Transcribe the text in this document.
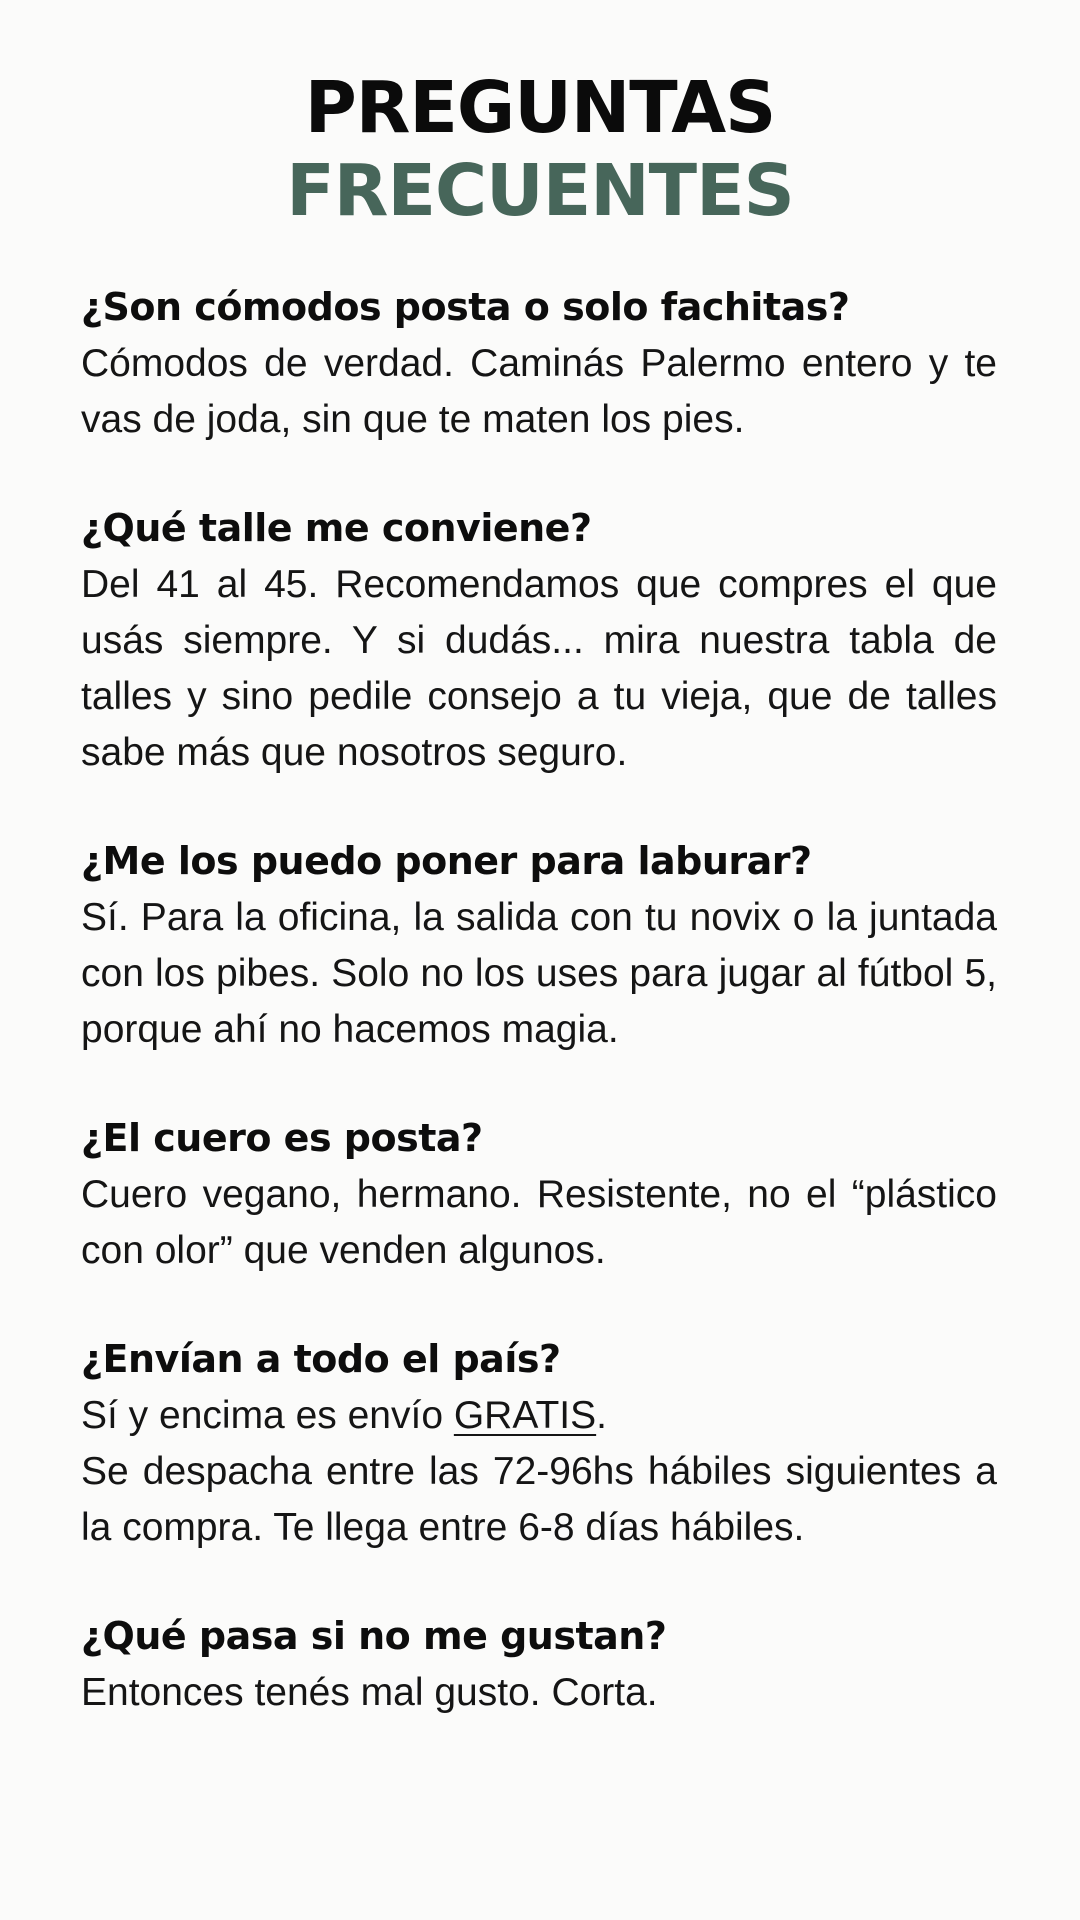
PREGUNTAS
FRECUENTES

¿Son cómodos posta o solo fachitas?

Cómodos de verdad. Caminás Palermo entero y te vas de joda, sin que te maten los pies.

¿Qué talle me conviene?

Del 41 al 45. Recomendamos que compres el que usás siempre. Y si dudás... mira nuestra tabla de talles y sino pedile consejo a tu vieja, que de talles sabe más que nosotros seguro.

¿Me los puedo poner para laburar?

Sí. Para la oficina, la salida con tu novix o la juntada con los pibes. Solo no los uses para jugar al fútbol 5, porque ahí no hacemos magia.

¿El cuero es posta?

Cuero vegano, hermano. Resistente, no el “plástico con olor” que venden algunos.

¿Envían a todo el país?

Sí y encima es envío GRATIS.
Se despacha entre las 72-96hs hábiles siguientes a la compra. Te llega entre 6-8 días hábiles.

¿Qué pasa si no me gustan?

Entonces tenés mal gusto. Corta.
